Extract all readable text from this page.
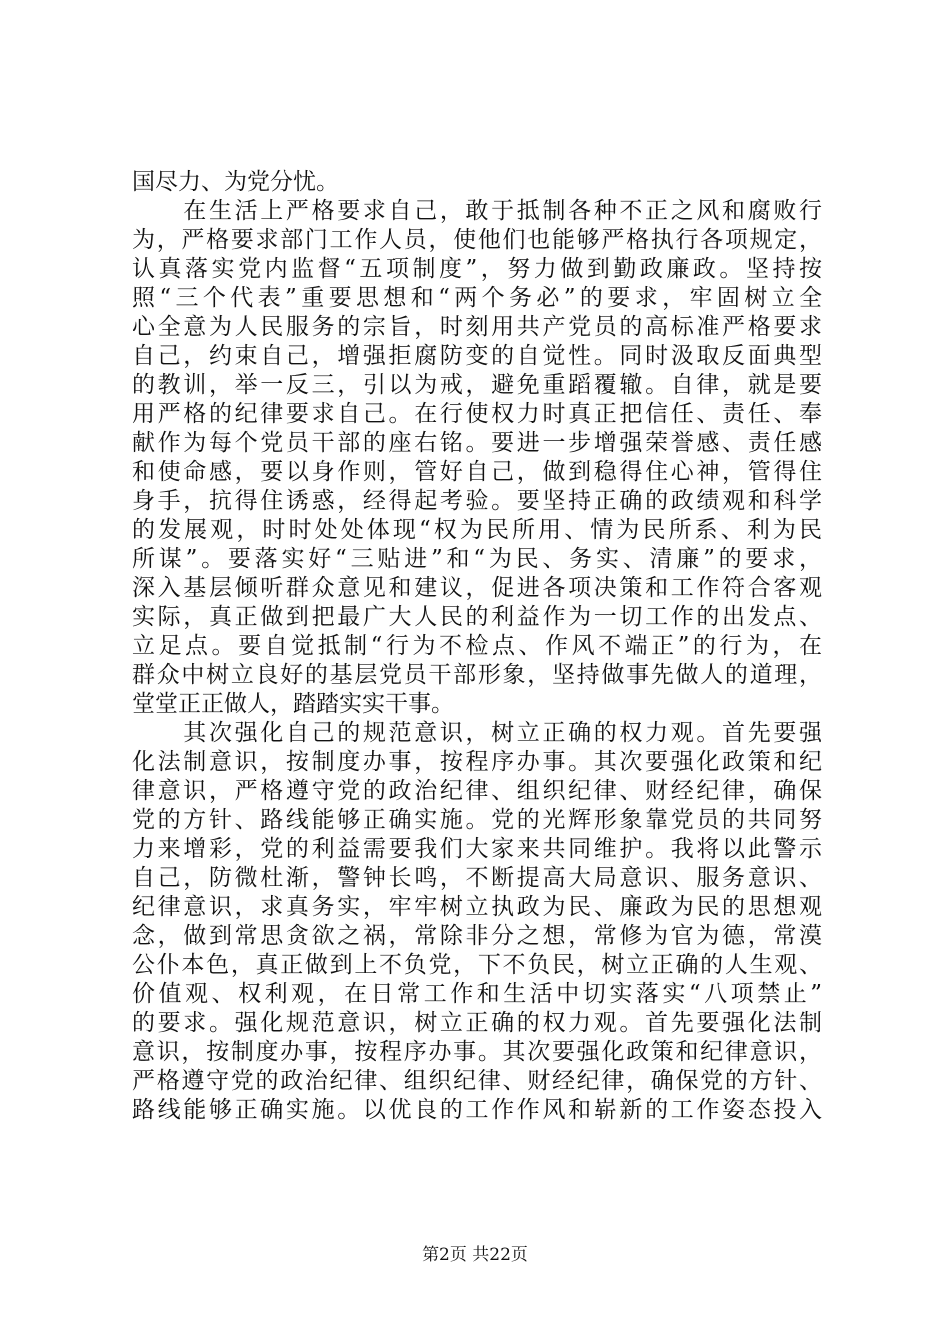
国尽力、为党分忧。
　　在生活上严格要求自己，敢于抵制各种不正之风和腐败行
为，严格要求部门工作人员，使他们也能够严格执行各项规定，
认真落实党内监督“五项制度”，努力做到勤政廉政。坚持按
照“三个代表”重要思想和“两个务必”的要求，牢固树立全
心全意为人民服务的宗旨，时刻用共产党员的高标准严格要求
自己，约束自己，增强拒腐防变的自觉性。同时汲取反面典型
的教训，举一反三，引以为戒，避免重蹈覆辙。自律，就是要
用严格的纪律要求自己。在行使权力时真正把信任、责任、奉
献作为每个党员干部的座右铭。要进一步增强荣誉感、责任感
和使命感，要以身作则，管好自己，做到稳得住心神，管得住
身手，抗得住诱惑，经得起考验。要坚持正确的政绩观和科学
的发展观，时时处处体现“权为民所用、情为民所系、利为民
所谋”。要落实好“三贴进”和“为民、务实、清廉”的要求，
深入基层倾听群众意见和建议，促进各项决策和工作符合客观
实际，真正做到把最广大人民的利益作为一切工作的出发点、
立足点。要自觉抵制“行为不检点、作风不端正”的行为，在
群众中树立良好的基层党员干部形象，坚持做事先做人的道理，
堂堂正正做人，踏踏实实干事。
　　其次强化自己的规范意识，树立正确的权力观。首先要强
化法制意识，按制度办事，按程序办事。其次要强化政策和纪
律意识，严格遵守党的政治纪律、组织纪律、财经纪律，确保
党的方针、路线能够正确实施。党的光辉形象靠党员的共同努
力来增彩，党的利益需要我们大家来共同维护。我将以此警示
自己，防微杜渐，警钟长鸣，不断提高大局意识、服务意识、
纪律意识，求真务实，牢牢树立执政为民、廉政为民的思想观
念，做到常思贪欲之祸，常除非分之想，常修为官为德，常漠
公仆本色，真正做到上不负党，下不负民，树立正确的人生观、
价值观、权利观，在日常工作和生活中切实落实“八项禁止”
的要求。强化规范意识，树立正确的权力观。首先要强化法制
意识，按制度办事，按程序办事。其次要强化政策和纪律意识，
严格遵守党的政治纪律、组织纪律、财经纪律，确保党的方针、
路线能够正确实施。以优良的工作作风和崭新的工作姿态投入
第2页 共22页
